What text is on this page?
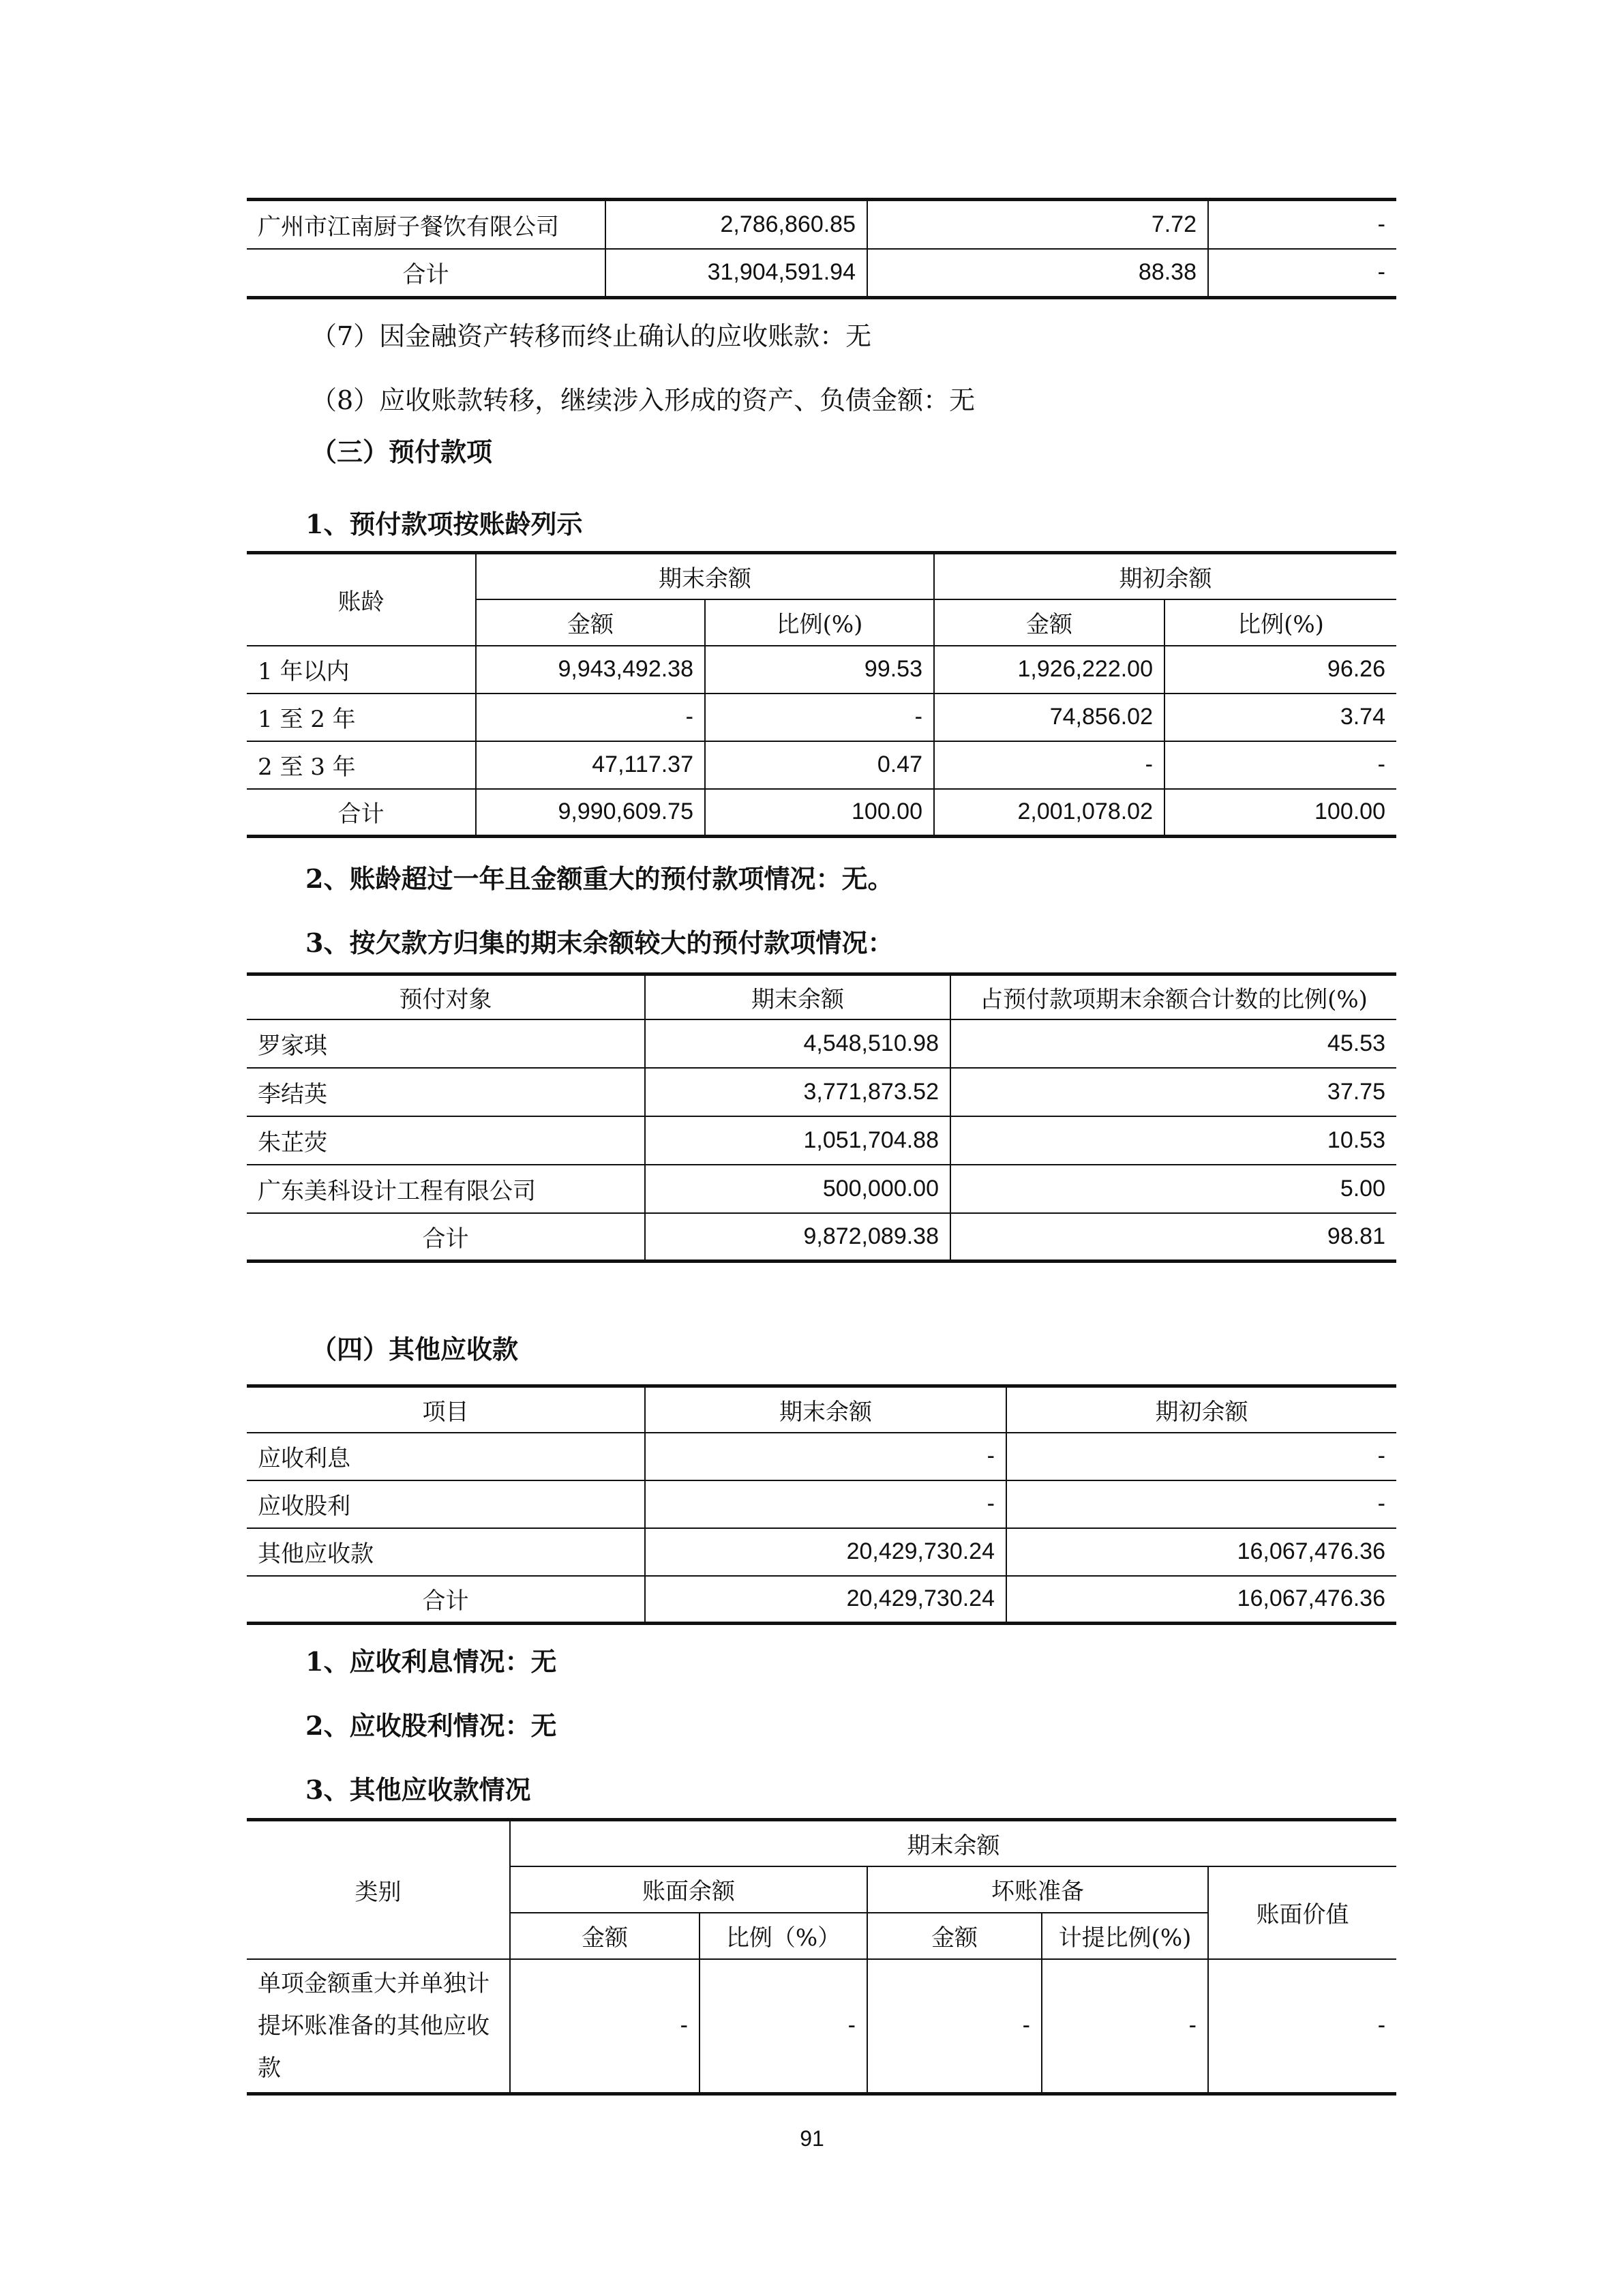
广州市江南厨子餐饮有限公司	2,786,860.85	7.72	-
合计	31,904,591.94	88.38	-
（7）因金融资产转移而终止确认的应收账款：无
（8）应收账款转移，继续涉入形成的资产、负债金额：无
（三）预付款项
1、预付款项按账龄列示
账龄	期末余额		期初余额	
	金额	比例(%)	金额	比例(%)
1 年以内	9,943,492.38	99.53	1,926,222.00	96.26
1 至 2 年	-	-	74,856.02	3.74
2 至 3 年	47,117.37	0.47	-	-
合计	9,990,609.75	100.00	2,001,078.02	100.00
2、账龄超过一年且金额重大的预付款项情况：无。
3、按欠款方归集的期末余额较大的预付款项情况：
预付对象	期末余额	占预付款项期末余额合计数的比例(%)
罗家琪	4,548,510.98	45.53
李结英	3,771,873.52	37.75
朱芷荧	1,051,704.88	10.53
广东美科设计工程有限公司	500,000.00	5.00
合计	9,872,089.38	98.81
（四）其他应收款
项目	期末余额	期初余额
应收利息	-	-
应收股利	-	-
其他应收款	20,429,730.24	16,067,476.36
合计	20,429,730.24	16,067,476.36
1、应收利息情况：无
2、应收股利情况：无
3、其他应收款情况
类别	期末余额				
	账面余额		坏账准备		账面价值
	金额	比例（%）	金额	计提比例(%)	
单项金额重大并单独计提坏账准备的其他应收款	-	-	-	-	-
91
